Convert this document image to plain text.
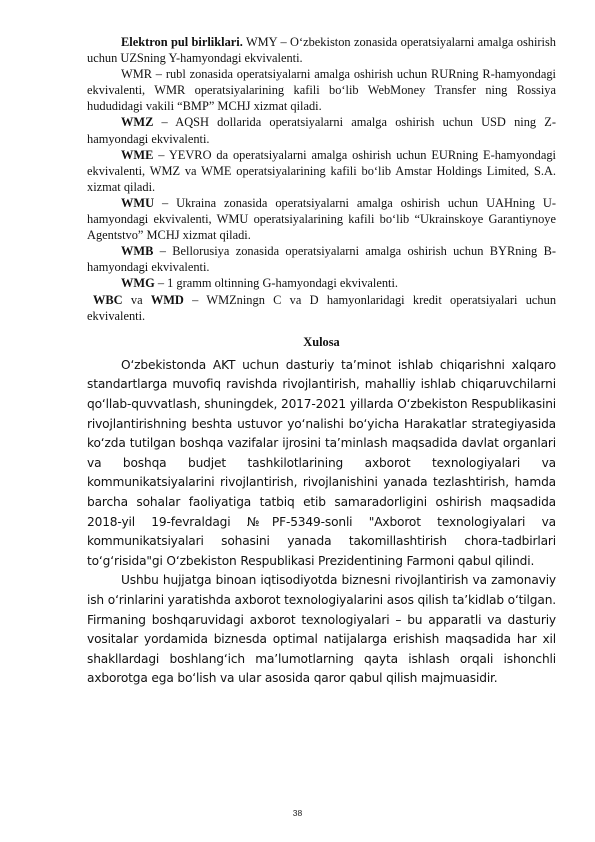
Elektron pul birliklari. WMY – O‘zbekiston zonasida operatsiyalarni amalga oshirish uchun UZSning Y-hamyondagi ekvivalenti.

WMR – rubl zonasida operatsiyalarni amalga oshirish uchun RURning R-hamyondagi ekvivalenti, WMR operatsiyalarining kafili bo‘lib WebMoney Transfer ning Rossiya hududidagi vakili “BMP” MCHJ xizmat qiladi.

WMZ – AQSH dollarida operatsiyalarni amalga oshirish uchun USD ning Z-hamyondagi ekvivalenti.

WME – YEVRO da operatsiyalarni amalga oshirish uchun EURning E-hamyondagi ekvivalenti, WMZ va WME operatsiyalarining kafili bo‘lib Amstar Holdings Limited, S.A. xizmat qiladi.

WMU – Ukraina zonasida operatsiyalarni amalga oshirish uchun UAHning U-hamyondagi ekvivalenti, WMU operatsiyalarining kafili bo‘lib “Ukrainskoye Garantiynoye Agentstvo” MCHJ xizmat qiladi.

WMB – Bellorusiya zonasida operatsiyalarni amalga oshirish uchun BYRning B-hamyondagi ekvivalenti.

WMG – 1 gramm oltinning G-hamyondagi ekvivalenti.

WBC va WMD – WMZningn C va D hamyonlaridagi kredit operatsiyalari uchun ekvivalenti.

Xulosa

O‘zbekistonda AKT uchun dasturiy ta’minot ishlab chiqarishni xalqaro standartlarga muvofiq ravishda rivojlantirish, mahalliy ishlab chiqaruvchilarni qo‘llab-quvvatlash, shuningdek, 2017-2021 yillarda O‘zbekiston Respublikasini rivojlantirishning beshta ustuvor yo‘nalishi bo‘yicha Harakatlar strategiyasida ko‘zda tutilgan boshqa vazifalar ijrosini ta’minlash maqsadida davlat organlari va boshqa budjet tashkilotlarining axborot texnologiyalari va kommunikatsiyalarini rivojlantirish, rivojlanishini yanada tezlashtirish, hamda barcha sohalar faoliyatiga tatbiq etib samaradorligini oshirish maqsadida 2018-yil 19-fevraldagi №PF-5349-sonli "Axborot texnologiyalari va kommunikatsiyalari sohasini yanada takomillashtirish chora-tadbirlari to‘g‘risida"gi O‘zbekiston Respublikasi Prezidentining Farmoni qabul qilindi.

Ushbu hujjatga binoan iqtisodiyotda biznesni rivojlantirish va zamonaviy ish o‘rinlarini yaratishda axborot texnologiyalarini asos qilish ta’kidlab o‘tilgan. Firmaning boshqaruvidagi axborot texnologiyalari – bu apparatli va dasturiy vositalar yordamida biznesda optimal natijalarga erishish maqsadida har xil shakllardagi boshlang‘ich ma’lumotlarning qayta ishlash orqali ishonchli axborotga ega bo‘lish va ular asosida qaror qabul qilish majmuasidir.

38
